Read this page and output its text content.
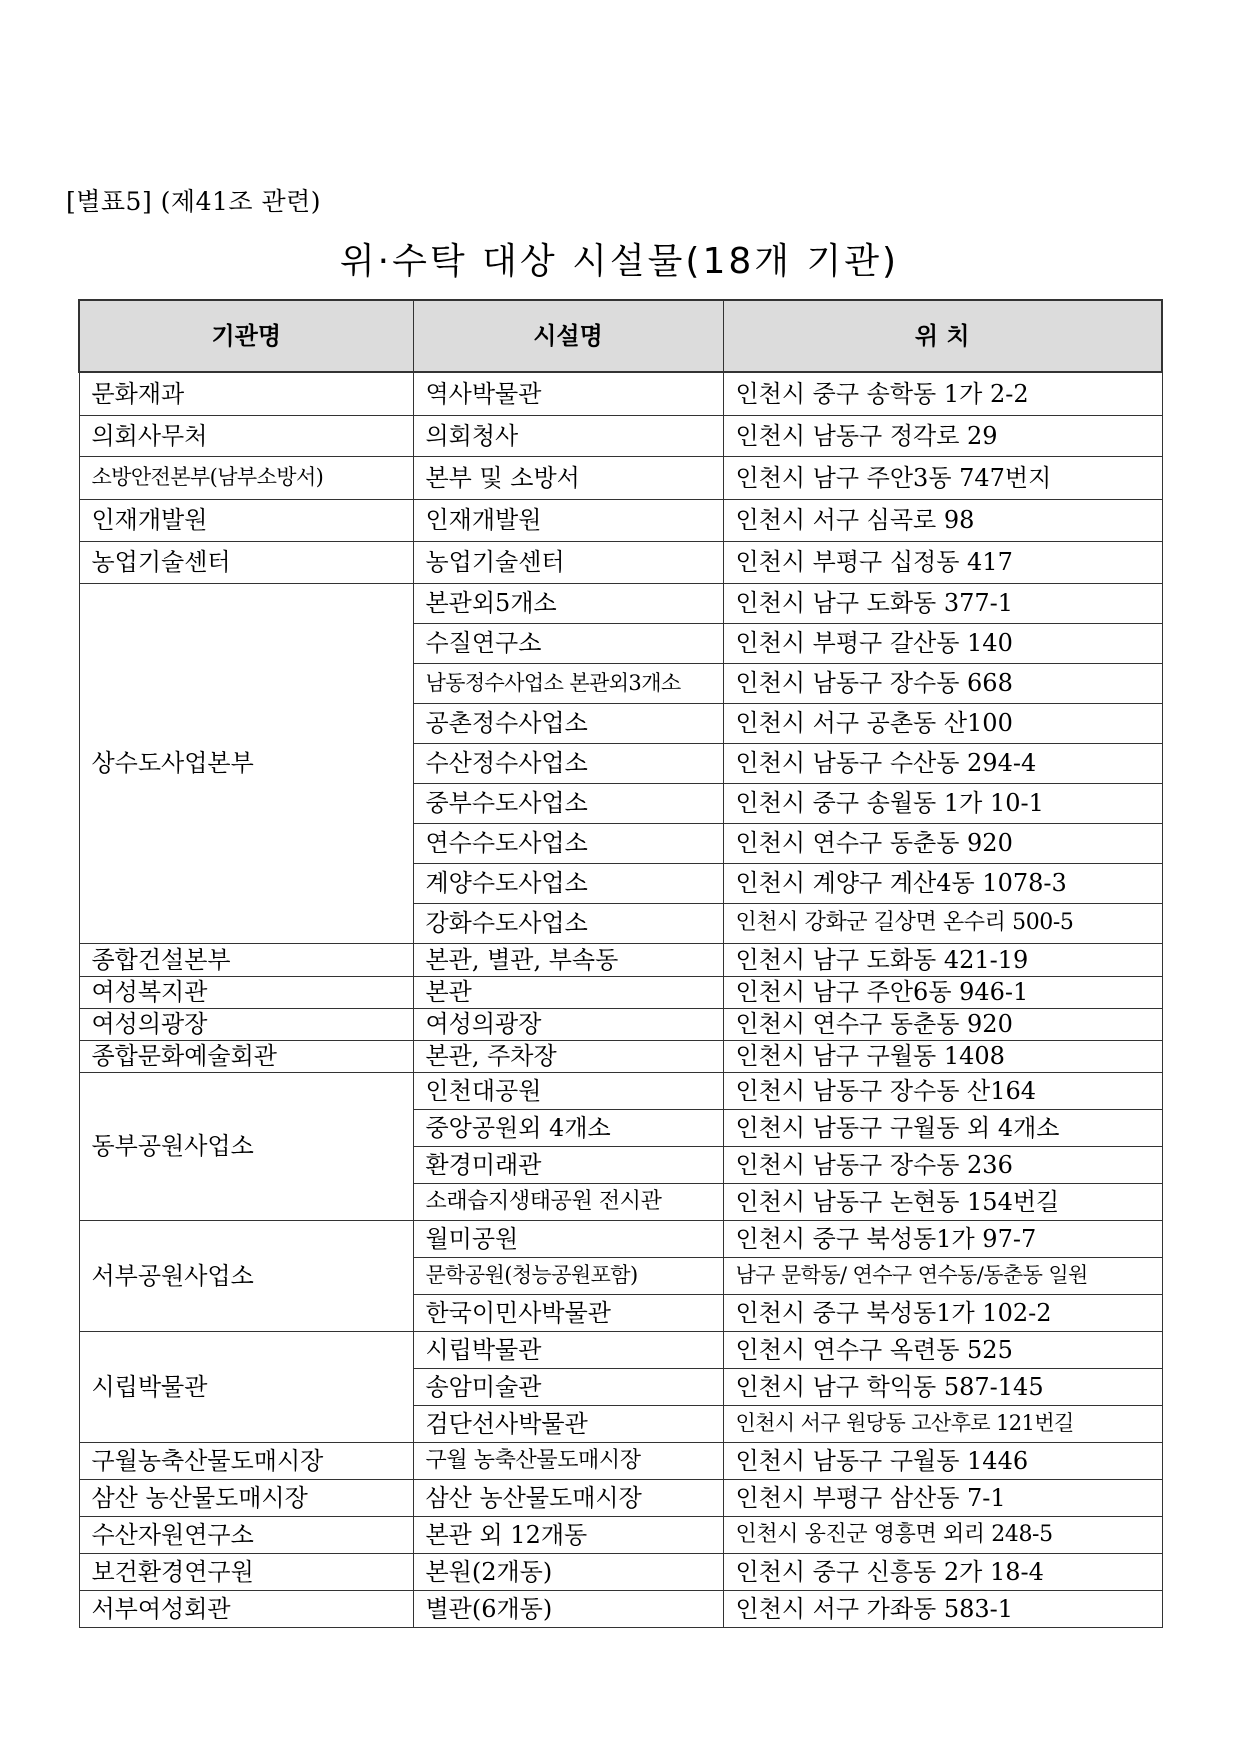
[별표5] (제41조 관련)
위·수탁 대상 시설물(18개 기관)
기관명	시설명	위 치
문화재과	역사박물관	인천시 중구 송학동 1가 2-2
의회사무처	의회청사	인천시 남동구 정각로 29
소방안전본부(남부소방서)	본부 및 소방서	인천시 남구 주안3동 747번지
인재개발원	인재개발원	인천시 서구 심곡로 98
농업기술센터	농업기술센터	인천시 부평구 십정동 417
상수도사업본부	본관외5개소	인천시 남구 도화동 377-1
	수질연구소	인천시 부평구 갈산동 140
	남동정수사업소 본관외3개소	인천시 남동구 장수동 668
	공촌정수사업소	인천시 서구 공촌동 산100
	수산정수사업소	인천시 남동구 수산동 294-4
	중부수도사업소	인천시 중구 송월동 1가 10-1
	연수수도사업소	인천시 연수구 동춘동 920
	계양수도사업소	인천시 계양구 계산4동 1078-3
	강화수도사업소	인천시 강화군 길상면 온수리 500-5
종합건설본부	본관, 별관, 부속동	인천시 남구 도화동 421-19
여성복지관	본관	인천시 남구 주안6동 946-1
여성의광장	여성의광장	인천시 연수구 동춘동 920
종합문화예술회관	본관, 주차장	인천시 남구 구월동 1408
동부공원사업소	인천대공원	인천시 남동구 장수동 산164
	중앙공원외 4개소	인천시 남동구 구월동 외 4개소
	환경미래관	인천시 남동구 장수동 236
	소래습지생태공원 전시관	인천시 남동구 논현동 154번길
서부공원사업소	월미공원	인천시 중구 북성동1가 97-7
	문학공원(청능공원포함)	남구 문학동/ 연수구 연수동/동춘동 일원
	한국이민사박물관	인천시 중구 북성동1가 102-2
시립박물관	시립박물관	인천시 연수구 옥련동 525
	송암미술관	인천시 남구 학익동 587-145
	검단선사박물관	인천시 서구 원당동 고산후로 121번길
구월농축산물도매시장	구월 농축산물도매시장	인천시 남동구 구월동 1446
삼산 농산물도매시장	삼산 농산물도매시장	인천시 부평구 삼산동 7-1
수산자원연구소	본관 외 12개동	인천시 옹진군 영흥면 외리 248-5
보건환경연구원	본원(2개동)	인천시 중구 신흥동 2가 18-4
서부여성회관	별관(6개동)	인천시 서구 가좌동 583-1
